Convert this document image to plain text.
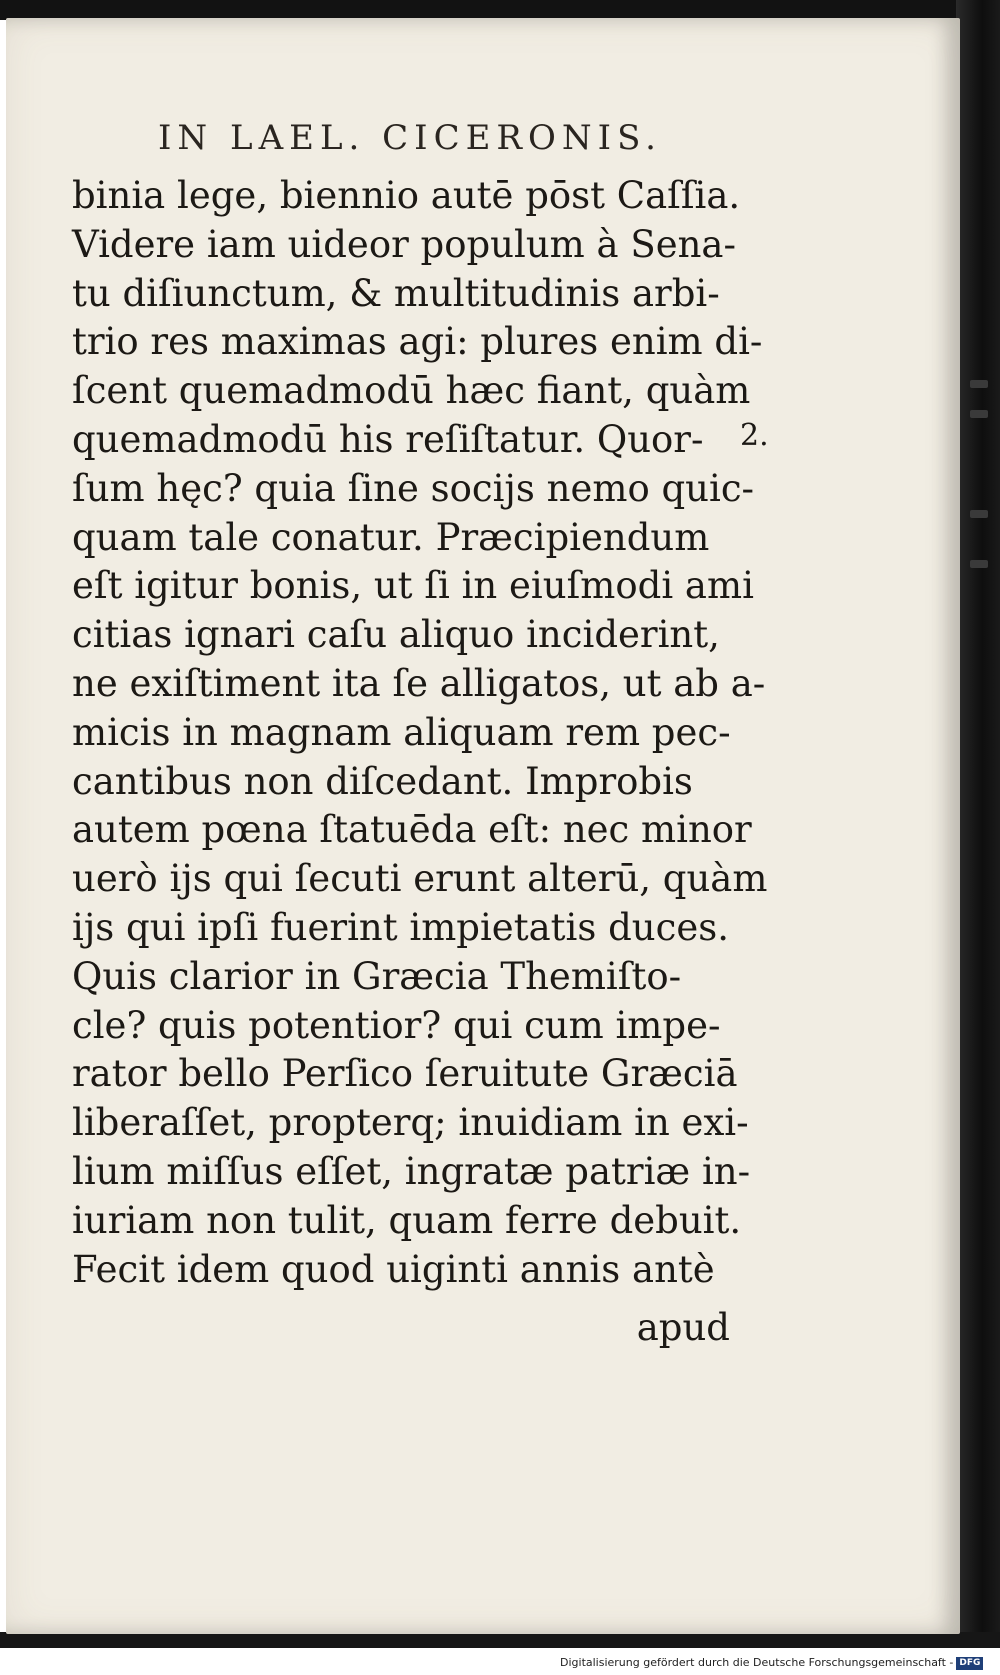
IN LAEL. CICERONIS.
binia lege, biennio autē pōst Caſſia.
Videre iam uideor populum à Sena-
tu diſiunctum, & multitudinis arbi-
trio res maximas agi: plures enim di-
ſcent quemadmodū hæc fiant, quàm
quemadmodū his reſiſtatur. Quor-
ſum hęc? quia ſine socijs nemo quic-
quam tale conatur. Præcipiendum
eſt igitur bonis, ut ſi in eiuſmodi ami
citias ignari caſu aliquo inciderint,
ne exiſtiment ita ſe alligatos, ut ab a-
micis in magnam aliquam rem pec-
cantibus non diſcedant. Improbis
autem pœna ſtatuēda eſt: nec minor
uerò ijs qui ſecuti erunt alterū, quàm
ijs qui ipſi fuerint impietatis duces.
Quis clarior in Græcia Themiſto-
cle? quis potentior? qui cum impe-
rator bello Perſico ſeruitute Græciā
liberaſſet, propterq; inuidiam in exi-
lium miſſus eſſet, ingratæ patriæ in-
iuriam non tulit, quam ferre debuit.
Fecit idem quod uiginti annis antè
2.
apud
Digitalisierung gefördert durch die Deutsche Forschungsgemeinschaft - DFG
